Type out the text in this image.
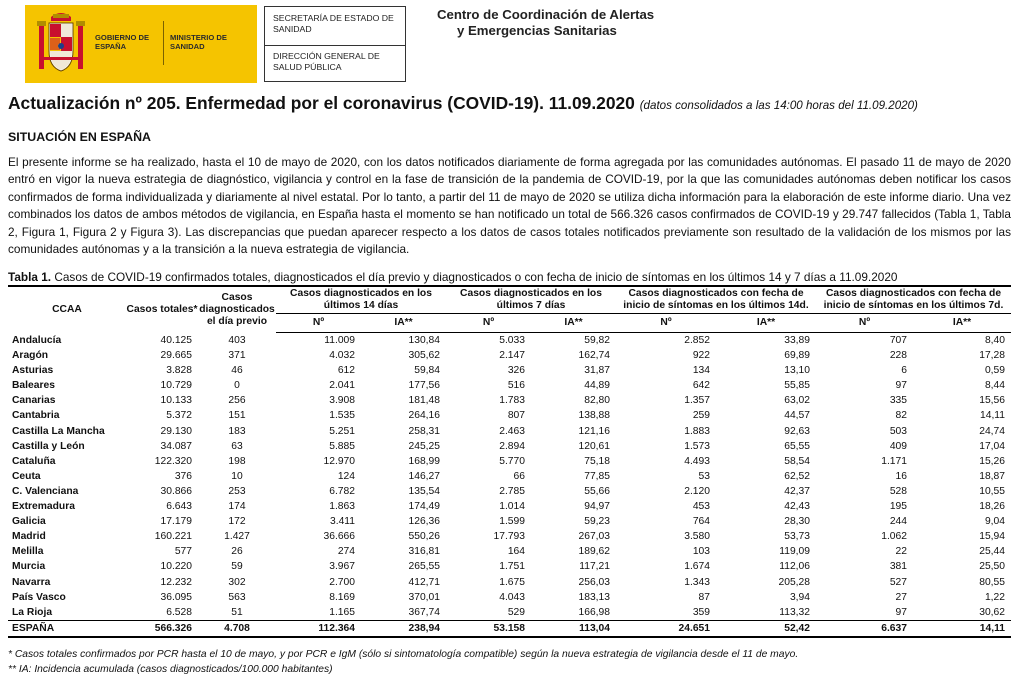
GOBIERNO DE ESPAÑA
MINISTERIO DE SANIDAD
SECRETARÍA DE ESTADO DE SANIDAD
DIRECCIÓN GENERAL DE SALUD PÚBLICA
Centro de Coordinación de Alertas
y Emergencias Sanitarias
Actualización nº 205. Enfermedad por el coronavirus (COVID-19). 11.09.2020 (datos consolidados a las 14:00 horas del 11.09.2020)
SITUACIÓN EN ESPAÑA

El presente informe se ha realizado, hasta el 10 de mayo de 2020, con los datos notificados diariamente de forma agregada por las comunidades autónomas. El pasado 11 de mayo de 2020 entró en vigor la nueva estrategia de diagnóstico, vigilancia y control en la fase de transición de la pandemia de COVID-19, por la que las comunidades autónomas deben notificar los casos confirmados de forma individualizada y diariamente al nivel estatal. Por lo tanto, a partir del 11 de mayo de 2020 se utiliza dicha información para la elaboración de este informe diario. Una vez combinados los datos de ambos métodos de vigilancia, en España hasta el momento se han notificado un total de 566.326 casos confirmados de COVID-19 y 29.747 fallecidos (Tabla 1, Tabla 2, Figura 1, Figura 2 y Figura 3). Las discrepancias que puedan aparecer respecto a los datos de casos totales notificados previamente son resultado de la validación de los mismos por las comunidades autónomas y a la transición a la nueva estrategia de vigilancia.

Tabla 1. Casos de COVID-19 confirmados totales, diagnosticados el día previo y diagnosticados o con fecha de inicio de síntomas en los últimos 14 y 7 días a 11.09.2020
CCAA	Casos totales*	Casos diagnosticados el día previo	Casos diagnosticados en los últimos 14 días		Casos diagnosticados en los últimos 7 días		Casos diagnosticados con fecha de inicio de síntomas en los últimos 14d.		Casos diagnosticados con fecha de inicio de síntomas en los últimos 7d.	
			Nº	IA**	Nº	IA**	Nº	IA**	Nº	IA**
Andalucía	40.125	403	11.009	130,84	5.033	59,82	2.852	33,89	707	8,40
Aragón	29.665	371	4.032	305,62	2.147	162,74	922	69,89	228	17,28
Asturias	3.828	46	612	59,84	326	31,87	134	13,10	6	0,59
Baleares	10.729	0	2.041	177,56	516	44,89	642	55,85	97	8,44
Canarias	10.133	256	3.908	181,48	1.783	82,80	1.357	63,02	335	15,56
Cantabria	5.372	151	1.535	264,16	807	138,88	259	44,57	82	14,11
Castilla La Mancha	29.130	183	5.251	258,31	2.463	121,16	1.883	92,63	503	24,74
Castilla y León	34.087	63	5.885	245,25	2.894	120,61	1.573	65,55	409	17,04
Cataluña	122.320	198	12.970	168,99	5.770	75,18	4.493	58,54	1.171	15,26
Ceuta	376	10	124	146,27	66	77,85	53	62,52	16	18,87
C. Valenciana	30.866	253	6.782	135,54	2.785	55,66	2.120	42,37	528	10,55
Extremadura	6.643	174	1.863	174,49	1.014	94,97	453	42,43	195	18,26
Galicia	17.179	172	3.411	126,36	1.599	59,23	764	28,30	244	9,04
Madrid	160.221	1.427	36.666	550,26	17.793	267,03	3.580	53,73	1.062	15,94
Melilla	577	26	274	316,81	164	189,62	103	119,09	22	25,44
Murcia	10.220	59	3.967	265,55	1.751	117,21	1.674	112,06	381	25,50
Navarra	12.232	302	2.700	412,71	1.675	256,03	1.343	205,28	527	80,55
País Vasco	36.095	563	8.169	370,01	4.043	183,13	87	3,94	27	1,22
La Rioja	6.528	51	1.165	367,74	529	166,98	359	113,32	97	30,62
ESPAÑA	566.326	4.708	112.364	238,94	53.158	113,04	24.651	52,42	6.637	14,11
* Casos totales confirmados por PCR hasta el 10 de mayo, y por PCR e IgM (sólo si sintomatología compatible) según la nueva estrategia de vigilancia desde el 11 de mayo.
** IA: Incidencia acumulada (casos diagnosticados/100.000 habitantes)
